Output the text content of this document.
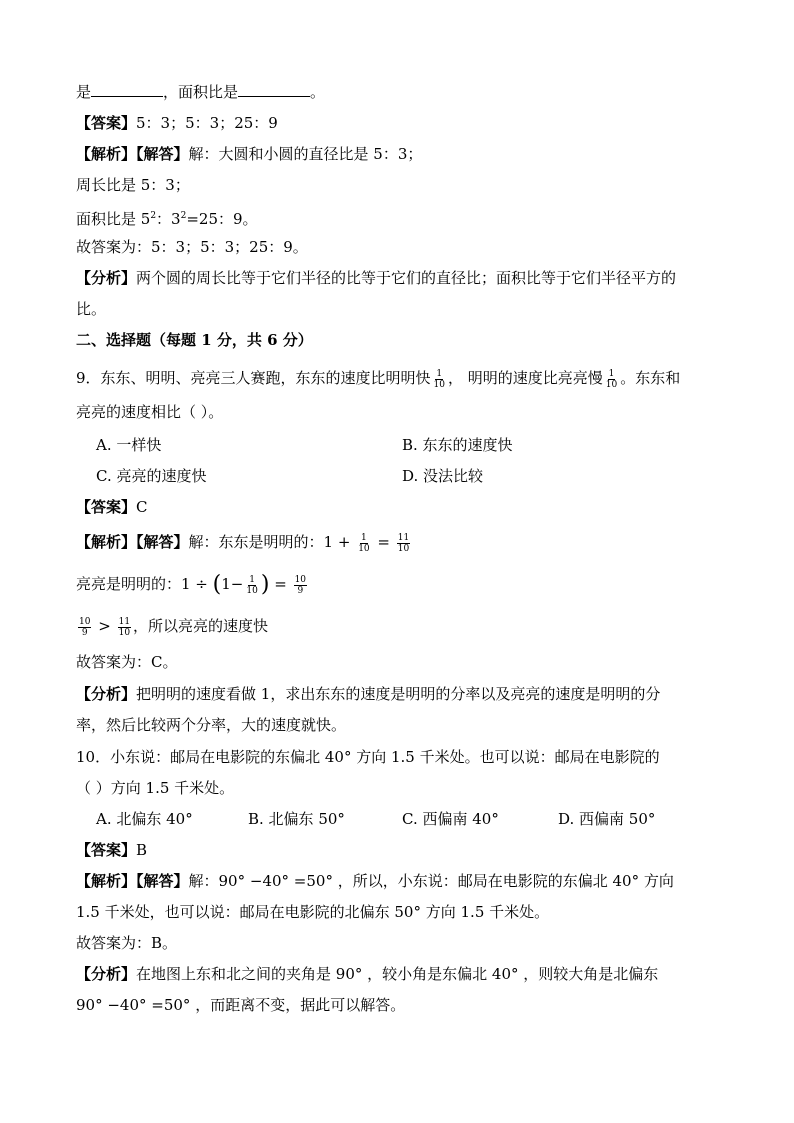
是	，面积比是	。
【答案】5：3；5：3；25：9
【解析】【解答】解：大圆和小圆的直径比是 5：3；
周长比是 5：3；
面积比是 $5^2$：$3^2=25$：9。
故答案为：5：3；5：3；25：9。
【分析】两个圆的周长比等于它们半径的比等于它们的直径比；面积比等于它们半径平方的
比。
二、选择题（每题 1 分，共 6 分）
9．东东、明明、亮亮三人赛跑，东东的速度比明明快 $\frac{1}{10}$ ， 明明的速度比亮亮慢 $\frac{1}{10}$ 。东东和
亮亮的速度相比（ ）。
A. 一样快	B. 东东的速度快
C. 亮亮的速度快	D. 没法比较
【答案】C
【解析】【解答】解：东东是明明的：$1 + \frac{1}{10} = \frac{11}{10}$
亮亮是明明的：$1 \div (1- \frac{1}{10}$ ) = $\frac{10}{9}$
$\frac{10}{9} > \frac{11}{10}$ ，所以亮亮的速度快
故答案为：C。
【分析】把明明的速度看做 1，求出东东的速度是明明的分率以及亮亮的速度是明明的分
率，然后比较两个分率，大的速度就快。
10．小东说：邮局在电影院的东偏北 40° 方向 1.5 千米处。也可以说：邮局在电影院的
（ ）方向 1.5 千米处。
A. 北偏东 40°	B. 北偏东 50°	C. 西偏南 40°	D. 西偏南 50°
【答案】B
【解析】【解答】解：90° −40° =50° ，所以，小东说：邮局在电影院的东偏北 40° 方向
1.5 千米处，也可以说：邮局在电影院的北偏东 50° 方向 1.5 千米处。
故答案为：B。
【分析】在地图上东和北之间的夹角是 90° ，较小角是东偏北 40° ，则较大角是北偏东
90° −40° =50° ，而距离不变，据此可以解答。
